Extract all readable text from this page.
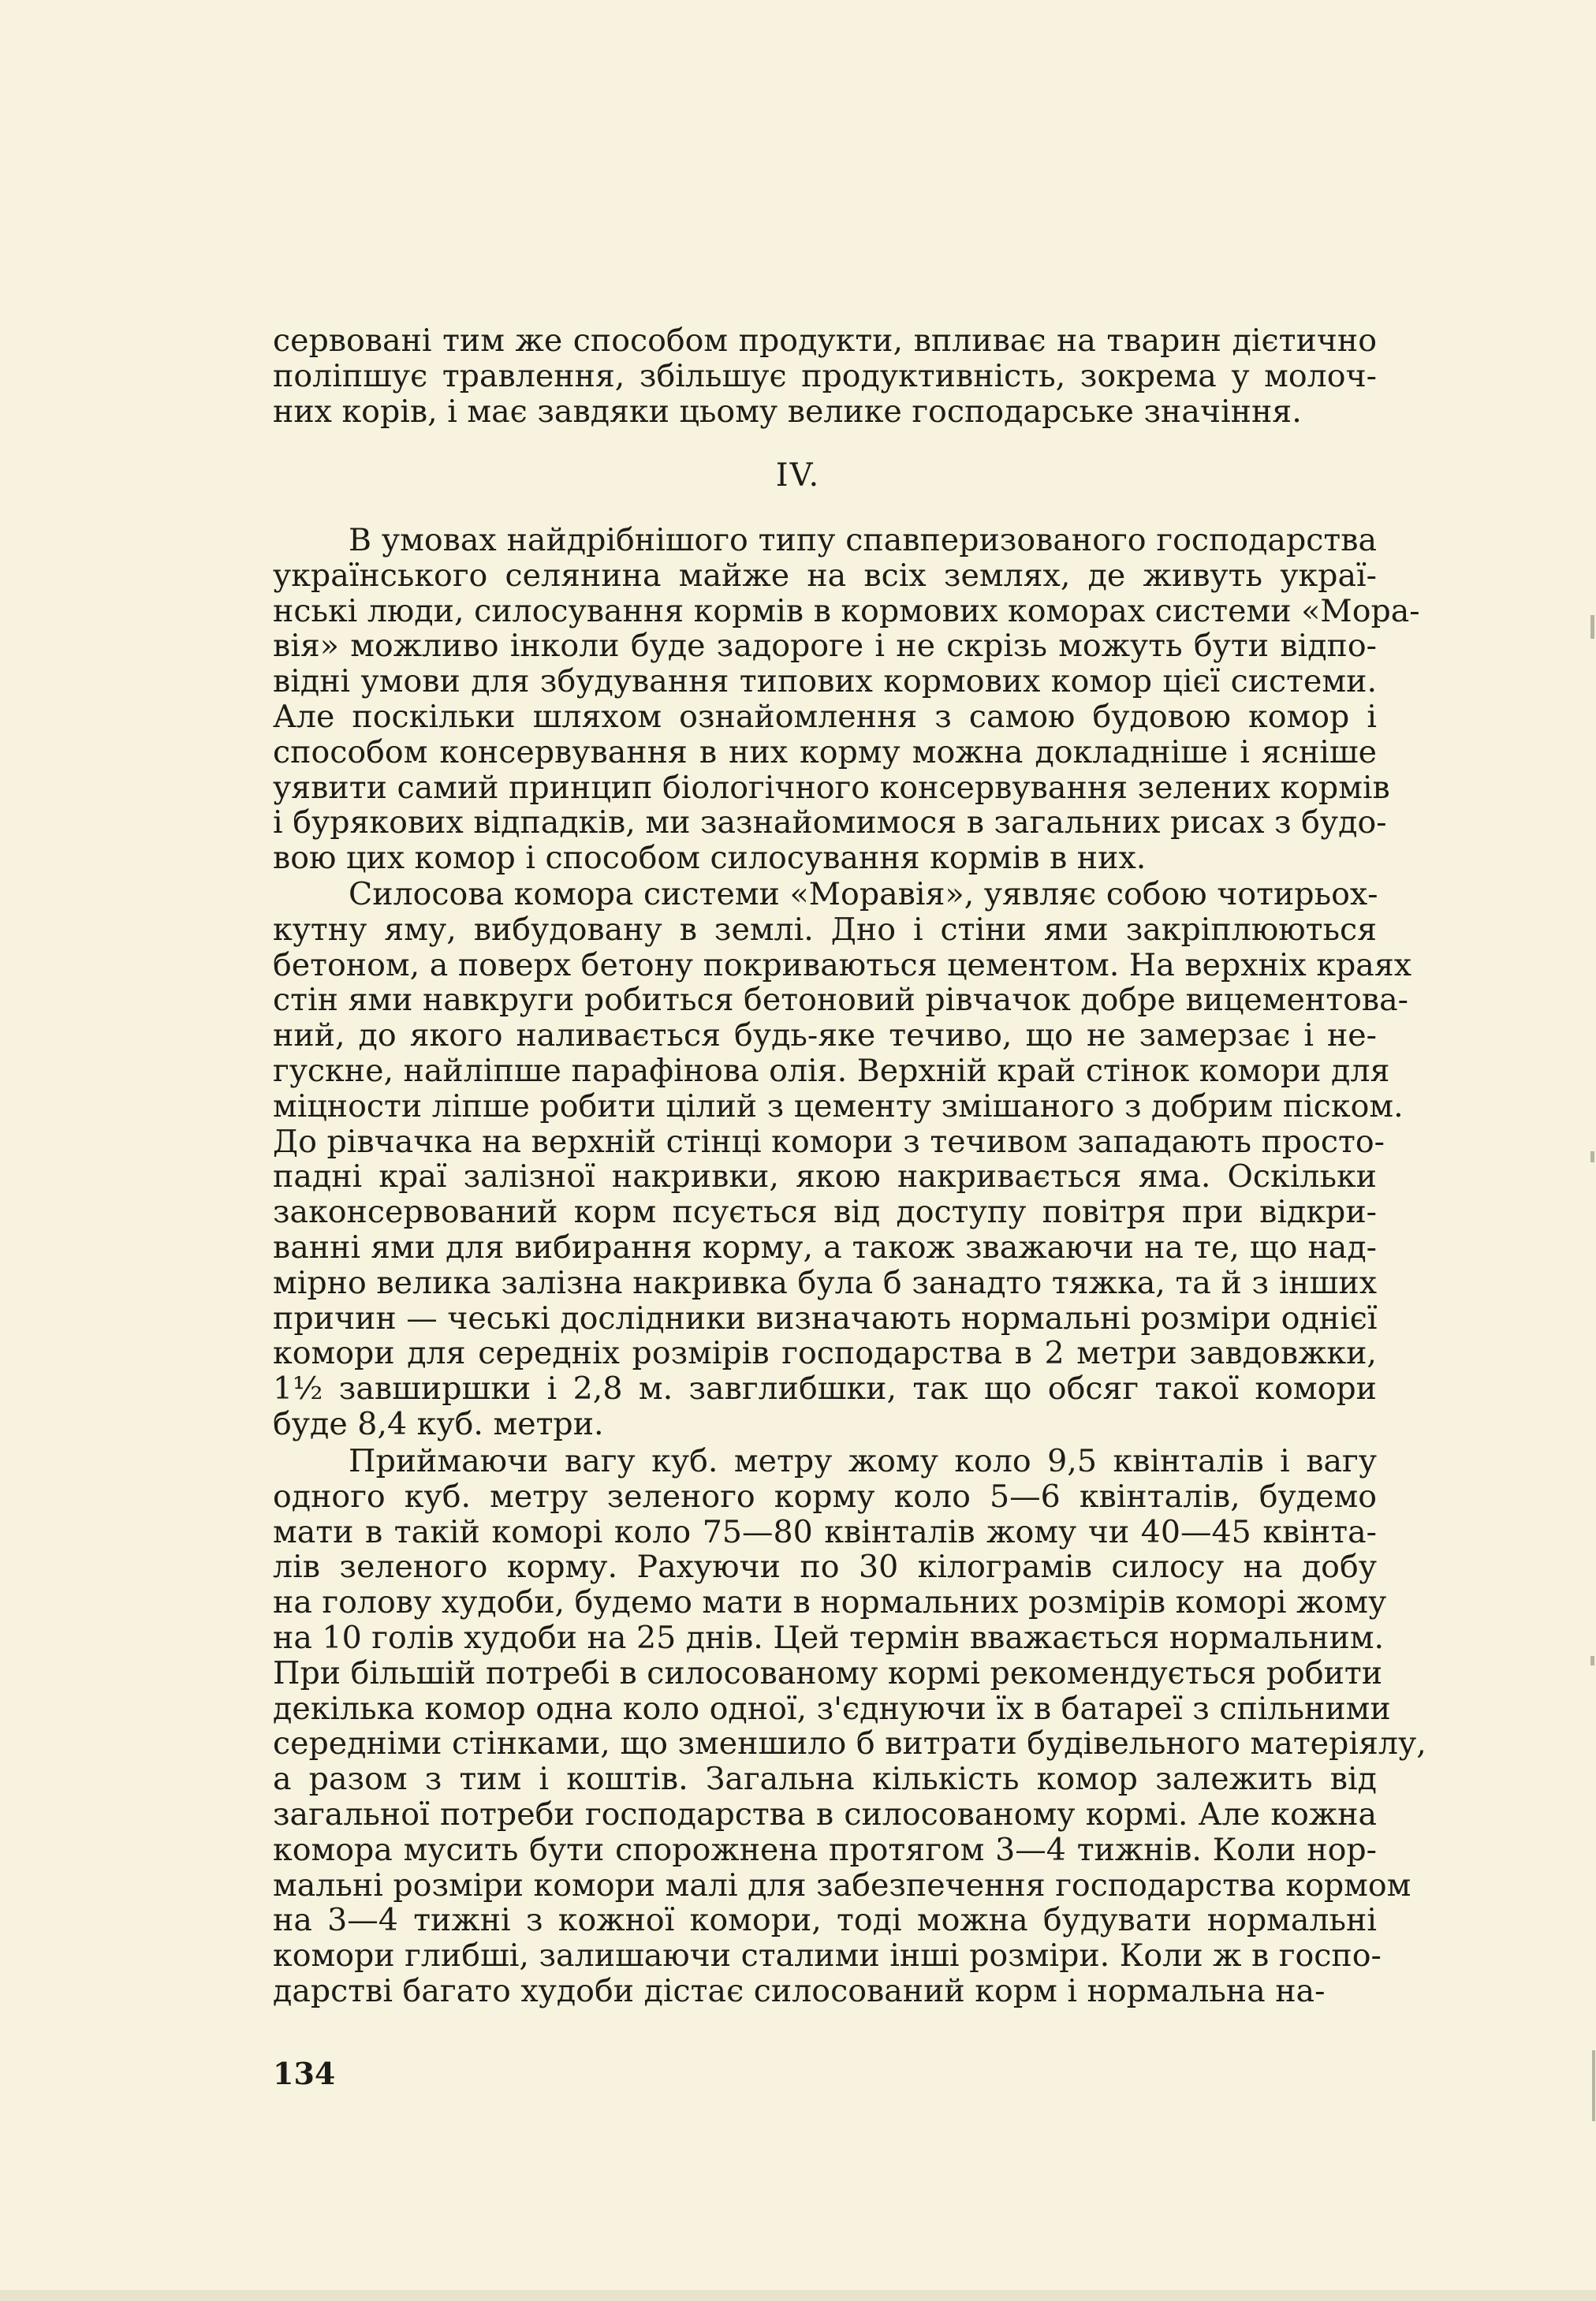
сервовані тим же способом продукти, впливає на тварин дієтично
поліпшує травлення, збільшує продуктивність, зокрема у молоч-
них корів, і має завдяки цьому велике господарське значіння.
IV.
В умовах найдрібнішого типу спавперизованого господарства
українського селянина майже на всіх землях, де живуть украї-
нські люди, силосування кормів в кормових коморах системи «Мора-
вія» можливо інколи буде задороге і не скрізь можуть бути відпо-
відні умови для збудування типових кормових комор цієї системи.
Але поскільки шляхом ознайомлення з самою будовою комор і
способом консервування в них корму можна докладніше і ясніше
уявити самий принцип біологічного консервування зелених кормів
і бурякових відпадків, ми зазнайомимося в загальних рисах з будо-
вою цих комор і способом силосування кормів в них.
Силосова комора системи «Моравія», уявляє собою чотирьох-
кутну яму, вибудовану в землі. Дно і стіни ями закріплюються
бетоном, а поверх бетону покриваються цементом. На верхніх краях
стін ями навкруги робиться бетоновий рівчачок добре вицементова-
ний, до якого наливається будь-яке течиво, що не замерзає і не-
гуcкне, найліпше парафінова олія. Верхній край стінок комори для
міцности ліпше робити цілий з цементу змішаного з добрим піском.
До рівчачка на верхній стінці комори з течивом западають просто-
падні краї залізної накривки, якою накривається яма. Оскільки
законсервований корм псується від доступу повітря при відкри-
ванні ями для вибирання корму, а також зважаючи на те, що над-
мірно велика залізна накривка була б занадто тяжка, та й з інших
причин — чеські дослідники визначають нормальні розміри однієї
комори для середніх розмірів господарства в 2 метри завдовжки,
1½ завширшки і 2,8 м. завглибшки, так що обсяг такої комори
буде 8,4 куб. метри.
Приймаючи вагу куб. метру жому коло 9,5 квінталів і вагу
одного куб. метру зеленого корму коло 5—6 квінталів, будемо
мати в такій коморі коло 75—80 квінталів жому чи 40—45 квінта-
лів зеленого корму. Рахуючи по 30 кілограмів силосу на добу
на голову худоби, будемо мати в нормальних розмірів коморі жому
на 10 голів худоби на 25 днів. Цей термін вважається нормальним.
При більшій потребі в силосованому кормі рекомендується робити
декілька комор одна коло одної, з'єднуючи їх в батареї з спільними
середніми стінками, що зменшило б витрати будівельного матеріялу,
а разом з тим і коштів. Загальна кількість комор залежить від
загальної потреби господарства в силосованому кормі. Але кожна
комора мусить бути спорожнена протягом 3—4 тижнів. Коли нор-
мальні розміри комори малі для забезпечення господарства кормом
на 3—4 тижні з кожної комори, тоді можна будувати нормальні
комори глибші, залишаючи сталими інші розміри. Коли ж в госпо-
дарстві багато худоби дістає силосований корм і нормальна на-
134
